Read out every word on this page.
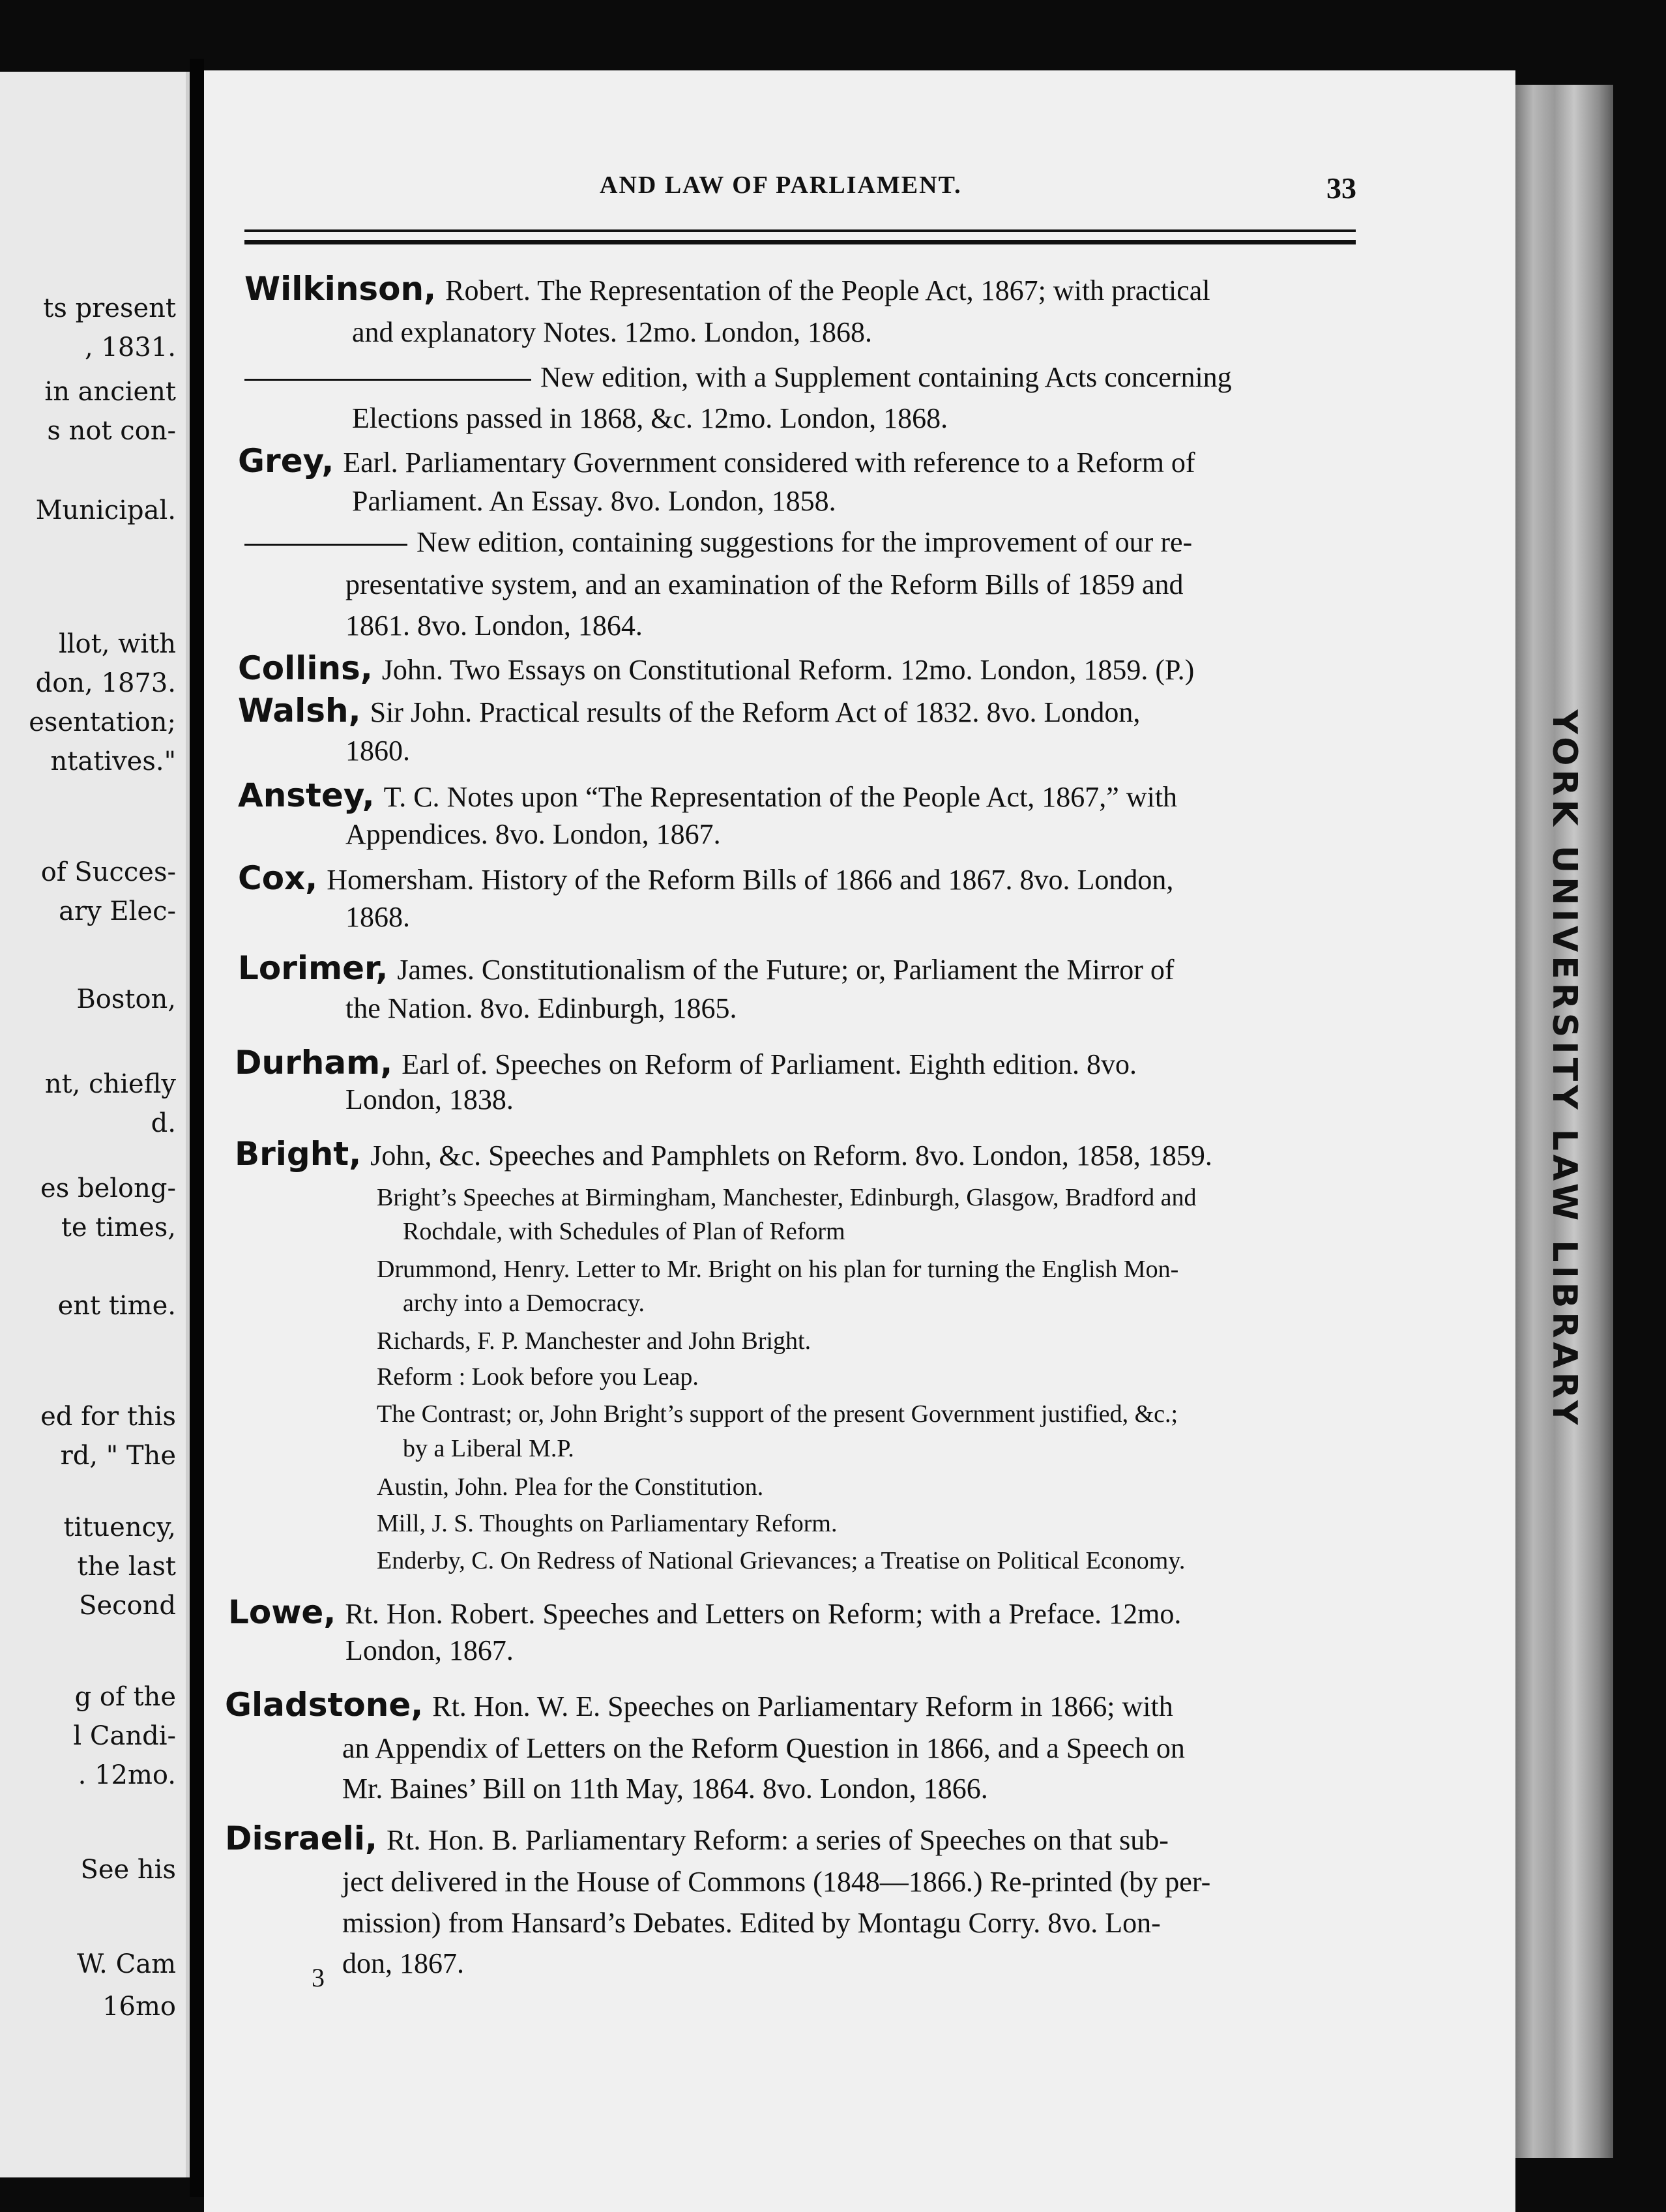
ts present
, 1831.
in ancient
s not con-
Municipal.
llot, with
don, 1873.
esentation;
ntatives."
of Succes-
ary Elec-
Boston,
nt, chiefly
d.
es belong-
te times,
ent time.
ed for this
rd, " The
tituency,
the last
Second
g of the
l Candi-
. 12mo.
See his
W. Cam
16mo
YORK UNIVERSITY LAW LIBRARY
AND LAW OF PARLIAMENT.	33
Wilkinson, Robert. The Representation of the People Act, 1867; with practical
and explanatory Notes. 12mo. London, 1868.
New edition, with a Supplement containing Acts concerning
Elections passed in 1868, &c. 12mo. London, 1868.
Grey, Earl. Parliamentary Government considered with reference to a Reform of
Parliament. An Essay. 8vo. London, 1858.
New edition, containing suggestions for the improvement of our re-
presentative system, and an examination of the Reform Bills of 1859 and
1861. 8vo. London, 1864.
Collins, John. Two Essays on Constitutional Reform. 12mo. London, 1859. (P.)
Walsh, Sir John. Practical results of the Reform Act of 1832. 8vo. London,
1860.
Anstey, T. C. Notes upon “The Representation of the People Act, 1867,” with
Appendices. 8vo. London, 1867.
Cox, Homersham. History of the Reform Bills of 1866 and 1867. 8vo. London,
1868.
Lorimer, James. Constitutionalism of the Future; or, Parliament the Mirror of
the Nation. 8vo. Edinburgh, 1865.
Durham, Earl of. Speeches on Reform of Parliament. Eighth edition. 8vo.
London, 1838.
Bright, John, &c. Speeches and Pamphlets on Reform. 8vo. London, 1858, 1859.
Bright’s Speeches at Birmingham, Manchester, Edinburgh, Glasgow, Bradford and
Rochdale, with Schedules of Plan of Reform
Drummond, Henry. Letter to Mr. Bright on his plan for turning the English Mon-
archy into a Democracy.
Richards, F. P. Manchester and John Bright.
Reform : Look before you Leap.
The Contrast; or, John Bright’s support of the present Government justified, &c.;
by a Liberal M.P.
Austin, John. Plea for the Constitution.
Mill, J. S. Thoughts on Parliamentary Reform.
Enderby, C. On Redress of National Grievances; a Treatise on Political Economy.
Lowe, Rt. Hon. Robert. Speeches and Letters on Reform; with a Preface. 12mo.
London, 1867.
Gladstone, Rt. Hon. W. E. Speeches on Parliamentary Reform in 1866; with
an Appendix of Letters on the Reform Question in 1866, and a Speech on
Mr. Baines’ Bill on 11th May, 1864. 8vo. London, 1866.
Disraeli, Rt. Hon. B. Parliamentary Reform: a series of Speeches on that sub-
ject delivered in the House of Commons (1848—1866.) Re-printed (by per-
mission) from Hansard’s Debates. Edited by Montagu Corry. 8vo. Lon-
don, 1867.
3
